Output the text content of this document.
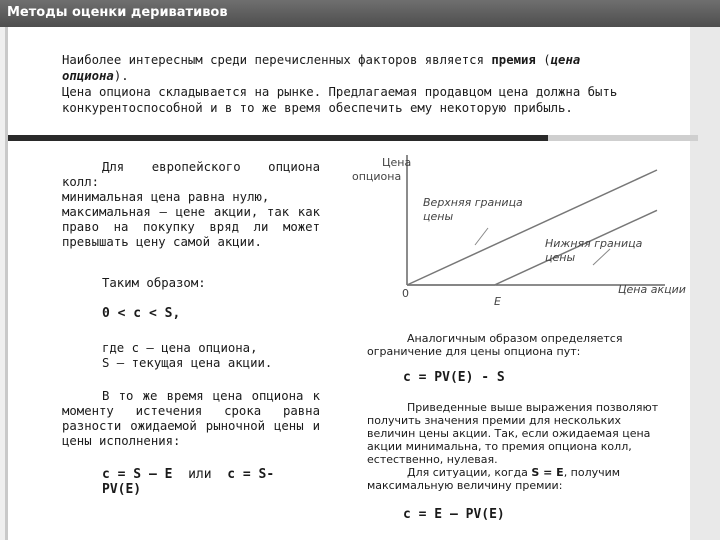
Методы оценки деривативов
Наиболее интересным среди перечисленных факторов является премия (цена
опциона).
Цена опциона складывается на рынке. Предлагаемая продавцом цена должна быть
конкурентоспособной и в то же время обеспечить ему некоторую прибыль.

Для европейского опциона колл:

минимальная цена равна нулю,

максимальная — цене акции, так как право на покупку вряд ли может превышать цену самой акции.

Таким образом:

0 < c < S,

где с — цена опциона,

S — текущая цена акции.

В то же время цена опциона к моменту истечения срока равна разности ожидаемой рыночной цены и цены исполнения:

c = S – E или c = S- PV(E)

Цена
опциона
Верхняя граница
цены
Нижняя граница
цены
0
E
Цена акции

Аналогичным образом определяется ограничение для цены опциона пут:

c = PV(E) - S

Приведенные выше выражения позволяют получить значения премии для нескольких величин цены акции. Так, если ожидаемая цена акции минимальна, то премия опциона колл, естественно, нулевая.

Для ситуации, когда S = E, получим максимальную величину премии:

c = E — PV(E)
